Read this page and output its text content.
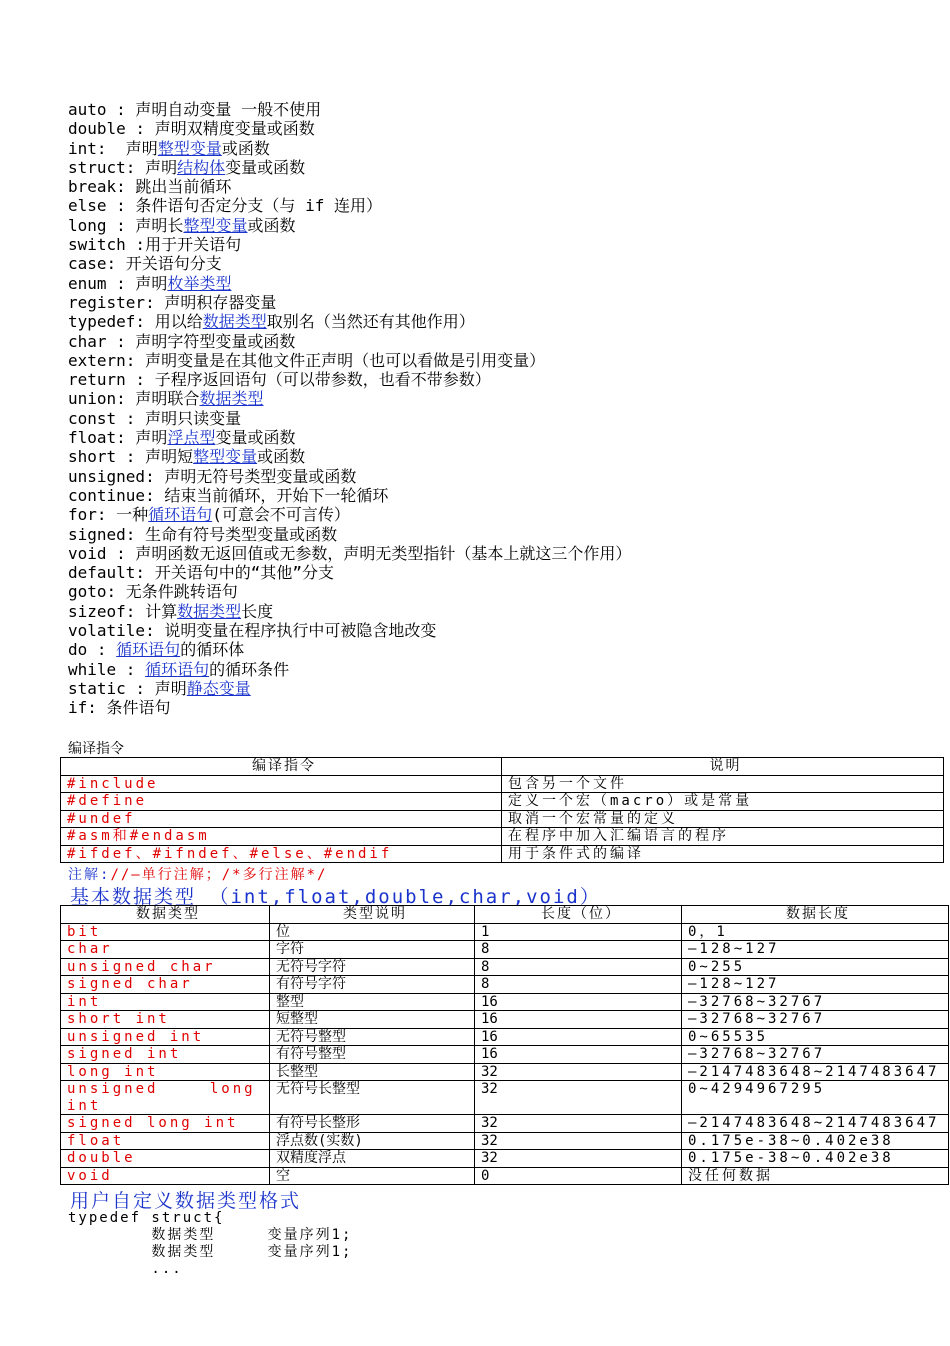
auto : 声明自动变量 一般不使用
double : 声明双精度变量或函数
int:  声明整型变量或函数
struct: 声明结构体变量或函数
break: 跳出当前循环
else : 条件语句否定分支（与 if 连用）
long : 声明长整型变量或函数
switch :用于开关语句
case: 开关语句分支
enum : 声明枚举类型
register: 声明积存器变量
typedef: 用以给数据类型取别名（当然还有其他作用）
char : 声明字符型变量或函数
extern: 声明变量是在其他文件正声明（也可以看做是引用变量）
return : 子程序返回语句（可以带参数，也看不带参数）
union: 声明联合数据类型
const : 声明只读变量
float: 声明浮点型变量或函数
short : 声明短整型变量或函数
unsigned: 声明无符号类型变量或函数
continue: 结束当前循环，开始下一轮循环
for: 一种循环语句(可意会不可言传）
signed: 生命有符号类型变量或函数
void : 声明函数无返回值或无参数，声明无类型指针（基本上就这三个作用）
default: 开关语句中的“其他”分支
goto: 无条件跳转语句
sizeof: 计算数据类型长度
volatile: 说明变量在程序执行中可被隐含地改变
do : 循环语句的循环体
while : 循环语句的循环条件
static : 声明静态变量
if: 条件语句
编译指令
编译指令	说明
#include	包含另一个文件
#define	定义一个宏（macro）或是常量
#undef	取消一个宏常量的定义
#asm和#endasm	在程序中加入汇编语言的程序
#ifdef、#ifndef、#else、#endif	用于条件式的编译
注解://—单行注解；/*多行注解*/
基本数据类型 （int,float,double,char,void）
数据类型	类型说明	长度（位）	数据长度
bit	位	1	0，1
char	字符	8	—128~127
unsigned char	无符号字符	8	0~255
signed char	有符号字符	8	—128~127
int	整型	16	—32768~32767
short int	短整型	16	—32768~32767
unsigned int	无符号整型	16	0~65535
signed int	有符号整型	16	—32768~32767
long int	长整型	32	—2147483648~2147483647
unsigned long int	无符号长整型	32	0~4294967295
signed long int	有符号长整形	32	—2147483648~2147483647
float	浮点数(实数)	32	0.175e-38~0.402e38
double	双精度浮点	32	0.175e-38~0.402e38
void	空	0	没任何数据
用户自定义数据类型格式
typedef struct{
数据类型     变量序列1;
数据类型     变量序列1;
...
